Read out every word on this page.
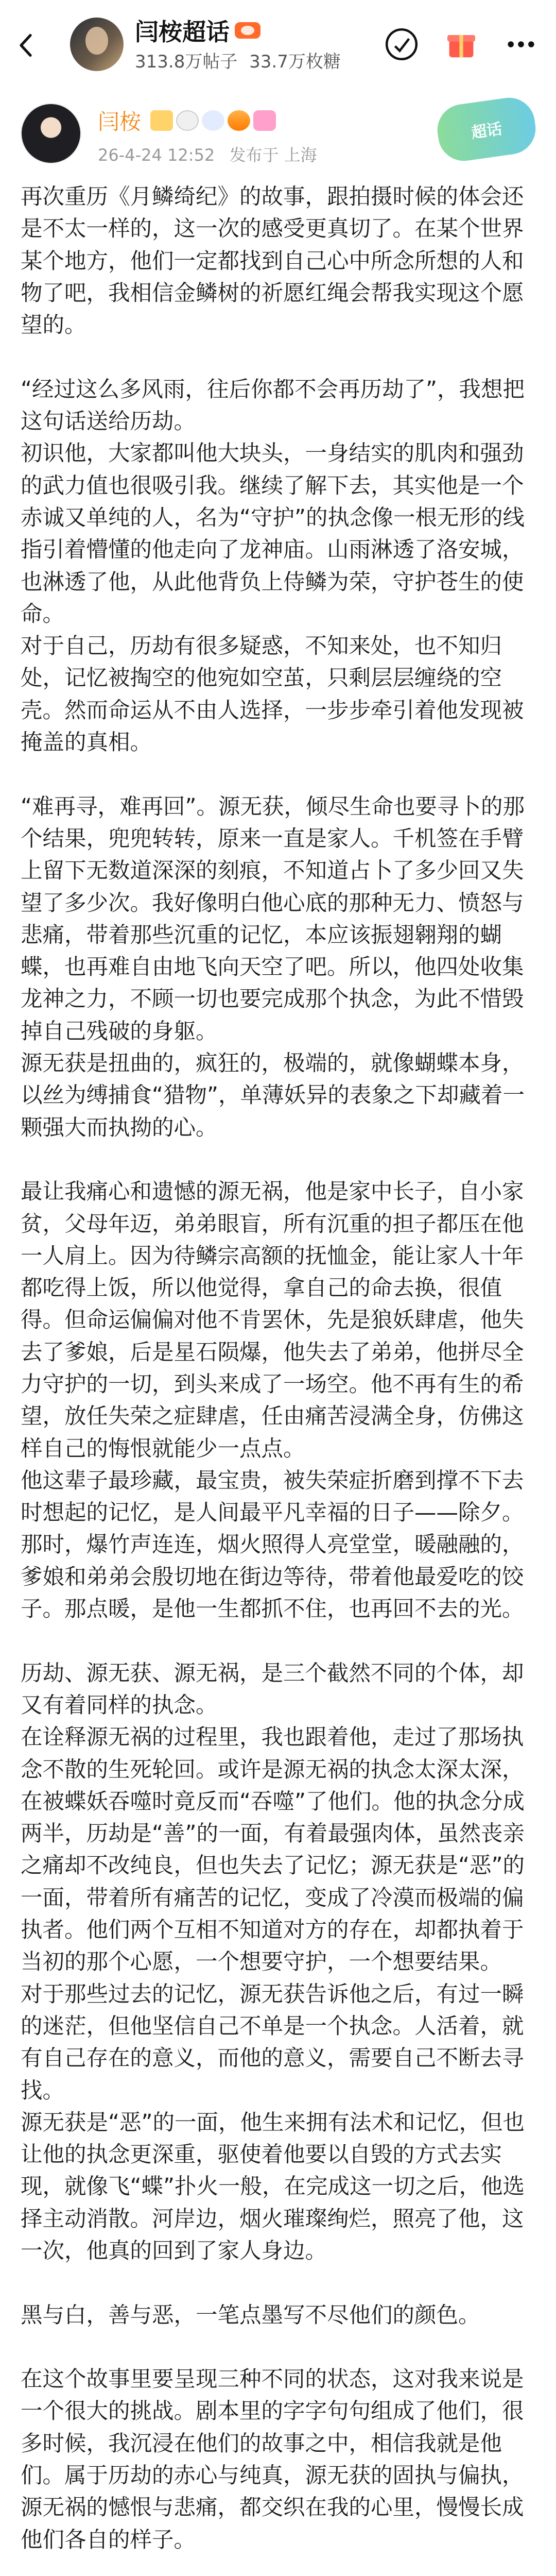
闫桉超话
313.8万帖子 33.7万枚糖
闫桉
26-4-24 12:52 发布于 上海
超话

再次重历《月鳞绮纪》的故事，跟拍摄时候的体会还是不太一样的，这一次的感受更真切了。在某个世界某个地方，他们一定都找到自己心中所念所想的人和物了吧，我相信金鳞树的祈愿红绳会帮我实现这个愿望的。

“经过这么多风雨，往后你都不会再历劫了”，我想把这句话送给历劫。
初识他，大家都叫他大块头，一身结实的肌肉和强劲的武力值也很吸引我。继续了解下去，其实他是一个赤诚又单纯的人，名为“守护”的执念像一根无形的线指引着懵懂的他走向了龙神庙。山雨淋透了洛安城，也淋透了他，从此他背负上侍鳞为荣，守护苍生的使命。
对于自己，历劫有很多疑惑，不知来处，也不知归处，记忆被掏空的他宛如空茧，只剩层层缠绕的空壳。然而命运从不由人选择，一步步牵引着他发现被掩盖的真相。

“难再寻，难再回”。源无获，倾尽生命也要寻卜的那个结果，兜兜转转，原来一直是家人。千机签在手臂上留下无数道深深的刻痕，不知道占卜了多少回又失望了多少次。我好像明白他心底的那种无力、愤怒与悲痛，带着那些沉重的记忆，本应该振翅翱翔的蝴蝶，也再难自由地飞向天空了吧。所以，他四处收集龙神之力，不顾一切也要完成那个执念，为此不惜毁掉自己残破的身躯。
源无获是扭曲的，疯狂的，极端的，就像蝴蝶本身，以丝为缚捕食“猎物”，单薄妖异的表象之下却藏着一颗强大而执拗的心。

最让我痛心和遗憾的源无祸，他是家中长子，自小家贫，父母年迈，弟弟眼盲，所有沉重的担子都压在他一人肩上。因为待鳞宗高额的抚恤金，能让家人十年都吃得上饭，所以他觉得，拿自己的命去换，很值得。但命运偏偏对他不肯罢休，先是狼妖肆虐，他失去了爹娘，后是星石陨爆，他失去了弟弟，他拼尽全力守护的一切，到头来成了一场空。他不再有生的希望，放任失荣之症肆虐，任由痛苦浸满全身，仿佛这样自己的悔恨就能少一点点。
他这辈子最珍藏，最宝贵，被失荣症折磨到撑不下去时想起的记忆，是人间最平凡幸福的日子——除夕。那时，爆竹声连连，烟火照得人亮堂堂，暖融融的，爹娘和弟弟会殷切地在街边等待，带着他最爱吃的饺子。那点暖，是他一生都抓不住，也再回不去的光。

历劫、源无获、源无祸，是三个截然不同的个体，却又有着同样的执念。
在诠释源无祸的过程里，我也跟着他，走过了那场执念不散的生死轮回。或许是源无祸的执念太深太深，在被蝶妖吞噬时竟反而“吞噬”了他们。他的执念分成两半，历劫是“善”的一面，有着最强肉体，虽然丧亲之痛却不改纯良，但也失去了记忆；源无获是“恶”的一面，带着所有痛苦的记忆，变成了冷漠而极端的偏执者。他们两个互相不知道对方的存在，却都执着于当初的那个心愿，一个想要守护，一个想要结果。
对于那些过去的记忆，源无获告诉他之后，有过一瞬的迷茫，但他坚信自己不单是一个执念。人活着，就有自己存在的意义，而他的意义，需要自己不断去寻找。
源无获是“恶”的一面，他生来拥有法术和记忆，但也让他的执念更深重，驱使着他要以自毁的方式去实现，就像飞“蝶”扑火一般，在完成这一切之后，他选择主动消散。河岸边，烟火璀璨绚烂，照亮了他，这一次，他真的回到了家人身边。

黑与白，善与恶，一笔点墨写不尽他们的颜色。

在这个故事里要呈现三种不同的状态，这对我来说是一个很大的挑战。剧本里的字字句句组成了他们，很多时候，我沉浸在他们的故事之中，相信我就是他们。属于历劫的赤心与纯真，源无获的固执与偏执，源无祸的憾恨与悲痛，都交织在我的心里，慢慢长成他们各自的样子。
